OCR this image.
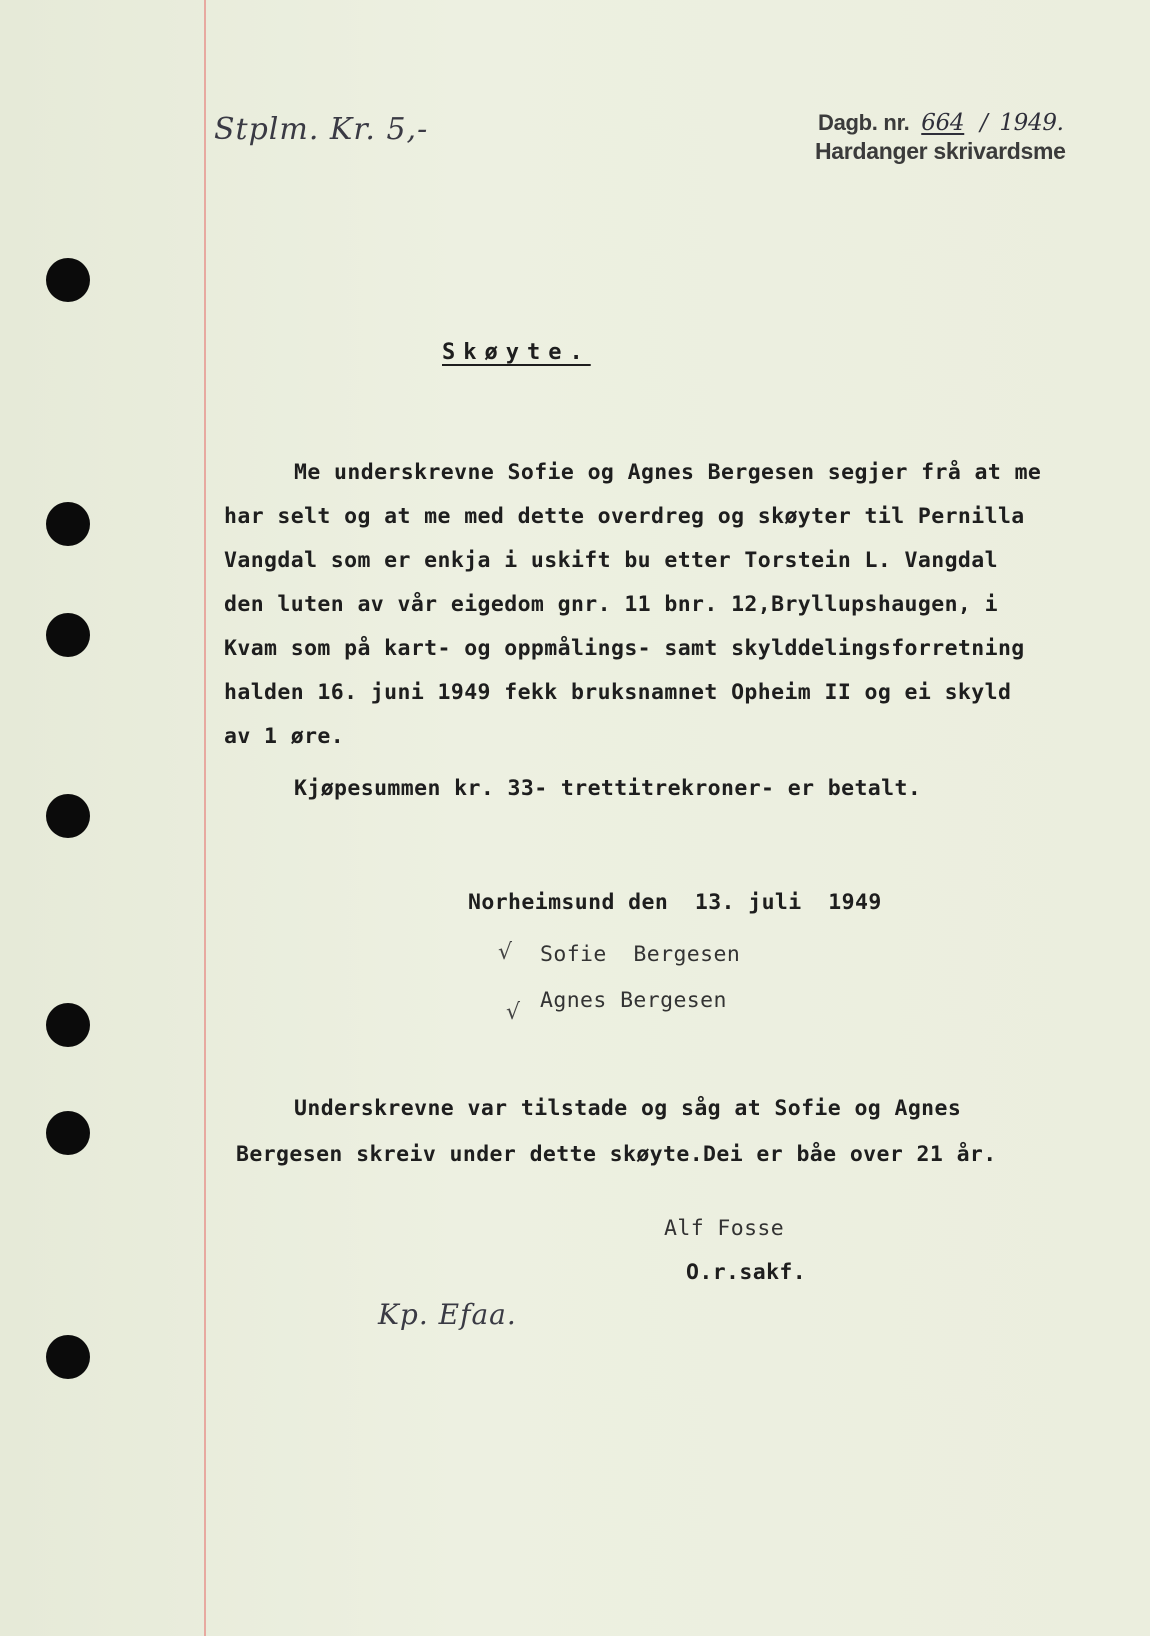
Stplm. Kr. 5,-	Dagb. nr. 664 / 1949.
Hardanger skrivardsme
Skøyte.
Me underskrevne Sofie og Agnes Bergesen segjer frå at me
har selt og at me med dette overdreg og skøyter til Pernilla
Vangdal som er enkja i uskift bu etter Torstein L. Vangdal
den luten av vår eigedom gnr. 11 bnr. 12,Bryllupshaugen, i
Kvam som på kart- og oppmålings- samt skylddelingsforretning
halden 16. juni 1949 fekk bruksnamnet Opheim II og ei skyld
av 1 øre.
Kjøpesummen kr. 33- trettitrekroner- er betalt.
Norheimsund den  13. juli  1949
√ Sofie  Bergesen
√ Agnes Bergesen
Underskrevne var tilstade og såg at Sofie og Agnes
Bergesen skreiv under dette skøyte.Dei er båe over 21 år.
Alf Fosse
O.r.sakf.
Kp. Efaa.
